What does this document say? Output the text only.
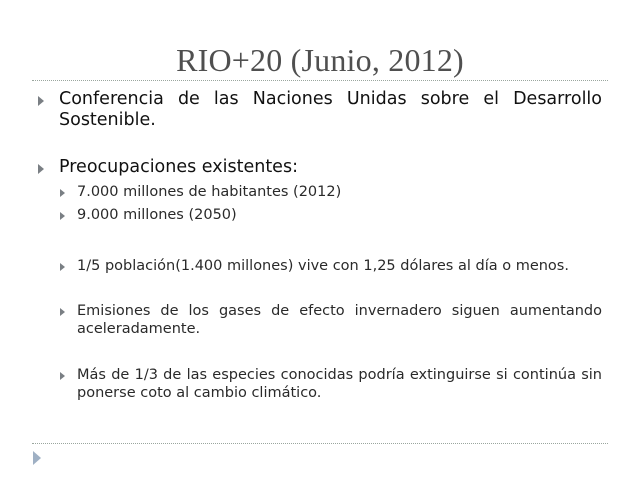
RIO+20 (Junio, 2012)
Conferencia de las Naciones Unidas sobre el Desarrollo Sostenible.
Preocupaciones existentes:
7.000 millones de habitantes (2012)
9.000 millones (2050)
1/5 población(1.400 millones) vive con 1,25 dólares al día o menos.
Emisiones de los gases de efecto invernadero siguen aumentando aceleradamente.
Más de 1/3 de las especies conocidas podría extinguirse si continúa sin ponerse coto al cambio climático.
